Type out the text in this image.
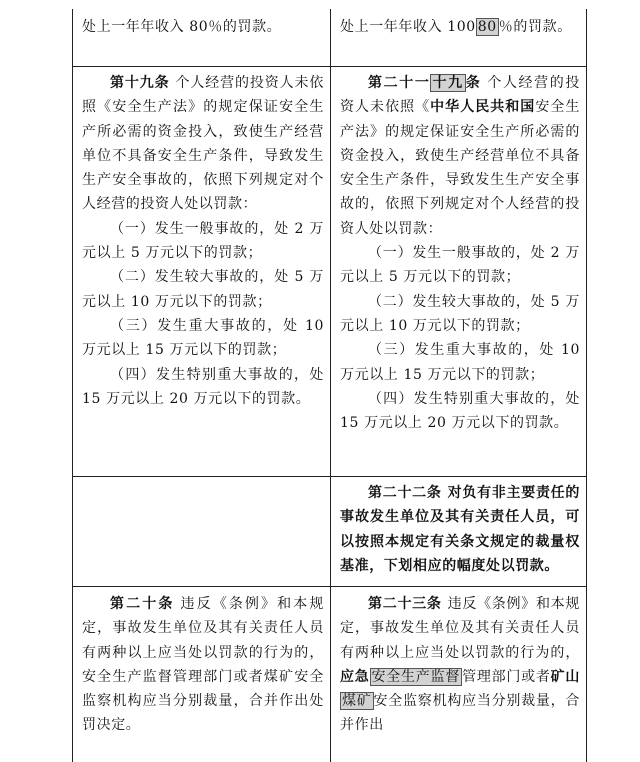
处上一年年收入 80％的罚款。	处上一年年收入 100 80 ％的罚款。

第十九条 个人经营的投资人未依照《安全生产法》的规定保证安全生产所必需的资金投入，致使生产经营单位不具备安全生产条件，导致发生生产安全事故的，依照下列规定对个人经营的投资人处以罚款：

（一）发生一般事故的，处 2 万元以上 5 万元以下的罚款；

（二）发生较大事故的，处 5 万元以上 10 万元以下的罚款；

（三）发生重大事故的，处 10 万元以上 15 万元以下的罚款；

（四）发生特别重大事故的，处 15 万元以上 20 万元以下的罚款。

第二十一 十九 条 个人经营的投资人未依照《中华人民共和国安全生产法》的规定保证安全生产所必需的资金投入，致使生产经营单位不具备安全生产条件，导致发生生产安全事故的，依照下列规定对个人经营的投资人处以罚款：

（一）发生一般事故的，处 2 万元以上 5 万元以下的罚款；

（二）发生较大事故的，处 5 万元以上 10 万元以下的罚款；

（三）发生重大事故的，处 10 万元以上 15 万元以下的罚款；

（四）发生特别重大事故的，处 15 万元以上 20 万元以下的罚款。

第二十二条 对负有非主要责任的事故发生单位及其有关责任人员，可以按照本规定有关条文规定的裁量权基准，下划相应的幅度处以罚款。

第二十条 违反《条例》和本规定，事故发生单位及其有关责任人员有两种以上应当处以罚款的行为的，安全生产监督管理部门或者煤矿安全监察机构应当分别裁量，合并作出处罚决定。

第二十三条 违反《条例》和本规定，事故发生单位及其有关责任人员有两种以上应当处以罚款的行为的，应急 安全生产监督 管理部门或者矿山煤矿 安全监察机构应当分别裁量，合并作出
